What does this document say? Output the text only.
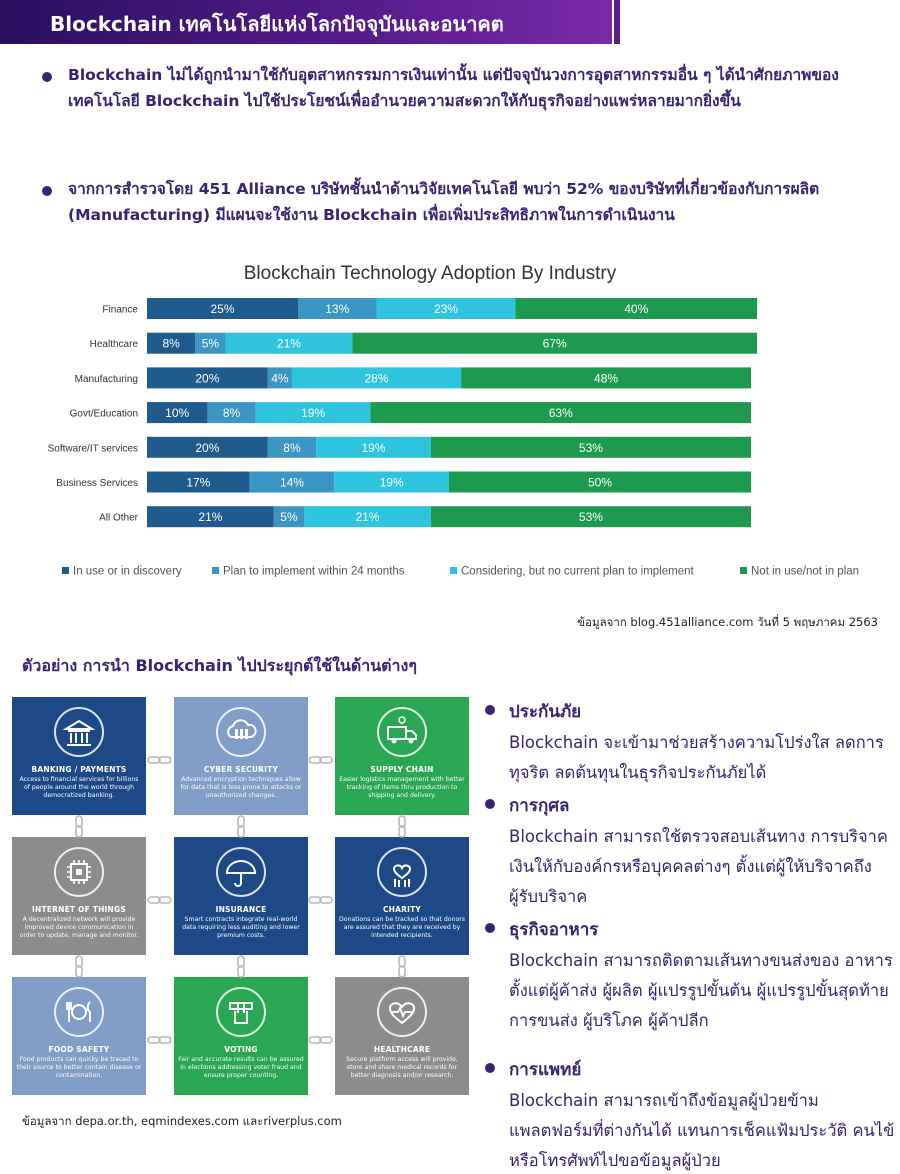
Blockchain เทคโนโลยีแห่งโลกปัจจุบันและอนาคต

Blockchain ไม่ได้ถูกนำมาใช้กับอุตสาหกรรมการเงินเท่านั้น แต่ปัจจุบันวงการอุตสาหกรรมอื่น ๆ ได้นำศักยภาพของเทคโนโลยี Blockchain ไปใช้ประโยชน์เพื่ออำนวยความสะดวกให้กับธุรกิจอย่างแพร่หลายมากยิ่งขึ้น

จากการสำรวจโดย 451 Alliance บริษัทชั้นนำด้านวิจัยเทคโนโลยี พบว่า 52% ของบริษัทที่เกี่ยวข้องกับการผลิต (Manufacturing) มีแผนจะใช้งาน Blockchain เพื่อเพิ่มประสิทธิภาพในการดำเนินงาน

Blockchain Technology Adoption By Industry
Finance	25%	13%	23%	40%
Healthcare 8% 5%	21%	67%
Manufacturing	20%	4%	28%	48%
Govt/Education 10%	8%	19%	63%
Software/IT services	20%	8%	19%	53%
Business Services	17%	14%	19%	50%
All Other	21%	5%	21%	53%
In use or in discovery	Plan to implement within 24 months	Considering, but no current plan to implement	Not in use/not in plan
ข้อมูลจาก blog.451alliance.com วันที่ 5 พฤษภาคม 2563
ตัวอย่าง การนำ Blockchain ไปประยุกต์ใช้ในด้านต่างๆ
BANKING / PAYMENTS
Access to financial services for billions of people around the world through democratized banking.
CYBER SECURITY
Advanced encryption techniques allow for data that is less prone to attacks or unauthorized changes.
SUPPLY CHAIN
Easier logistics management with better tracking of items thru production to shipping and delivery.
INTERNET OF THINGS
A decentralized network will provide improved device communication in order to update, manage and monitor.
INSURANCE
Smart contracts integrate real-world data requiring less auditing and lower premium costs.
CHARITY
Donations can be tracked so that donors are assured that they are received by intended recipients.
FOOD SAFETY
Food products can quicky be traced to their source to better contain disease or contamination.
VOTING
Fair and accurate results can be assured in elections addressing voter fraud and ensure proper counting.
HEALTHCARE
Secure platform access will provide, store and share medical records for better diagnosis and/or research.
ข้อมูลจาก depa.or.th, eqmindexes.com และriverplus.com
ประกันภัย
Blockchain จะเข้ามาช่วยสร้างความโปร่งใส ลดการทุจริต ลดต้นทุนในธุรกิจประกันภัยได้
การกุศล
Blockchain สามารถใช้ตรวจสอบเส้นทาง การบริจาคเงินให้กับองค์กรหรือบุคคลต่างๆ ตั้งแต่ผู้ให้บริจาคถึงผู้รับบริจาค
ธุรกิจอาหาร
Blockchain สามารถติดตามเส้นทางขนส่งของ อาหารตั้งแต่ผู้ค้าส่ง ผู้ผลิต ผู้แปรรูปขั้นต้น ผู้แปรรูปขั้นสุดท้าย การขนส่ง ผู้บริโภค ผู้ค้าปลีก
การแพทย์
Blockchain สามารถเข้าถึงข้อมูลผู้ป่วยข้าม แพลตฟอร์มที่ต่างกันได้ แทนการเช็คแฟ้มประวัติ คนไข้หรือโทรศัพท์ไปขอข้อมูลผู้ป่วย
